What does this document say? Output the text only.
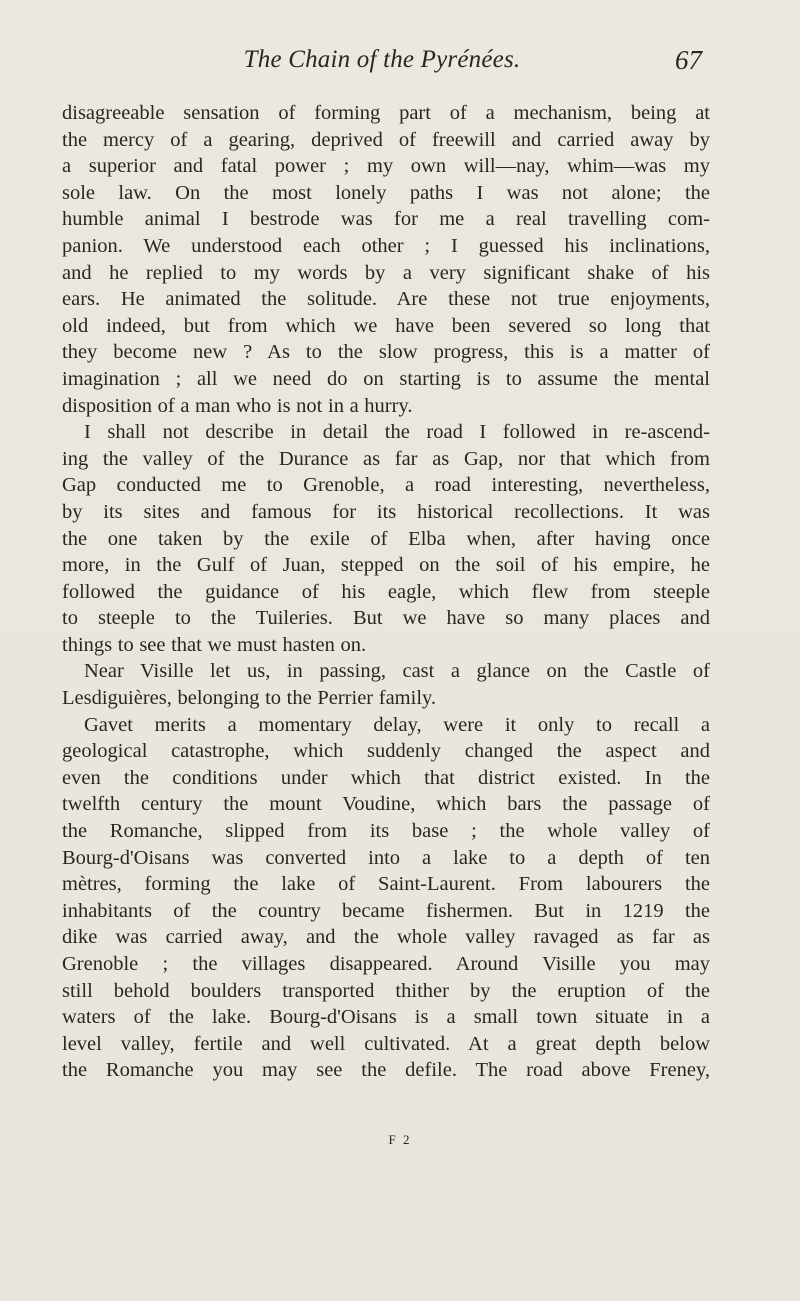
The Chain of the Pyrénées.	67
disagreeable sensation of forming part of a mechanism, being at
the mercy of a gearing, deprived of freewill and carried away by
a superior and fatal power ; my own will—nay, whim—was my
sole law. On the most lonely paths I was not alone; the
humble animal I bestrode was for me a real travelling com-
panion. We understood each other ; I guessed his inclinations,
and he replied to my words by a very significant shake of his
ears. He animated the solitude. Are these not true enjoyments,
old indeed, but from which we have been severed so long that
they become new ? As to the slow progress, this is a matter of
imagination ; all we need do on starting is to assume the mental
disposition of a man who is not in a hurry.
I shall not describe in detail the road I followed in re-ascend-
ing the valley of the Durance as far as Gap, nor that which from
Gap conducted me to Grenoble, a road interesting, nevertheless,
by its sites and famous for its historical recollections. It was
the one taken by the exile of Elba when, after having once
more, in the Gulf of Juan, stepped on the soil of his empire, he
followed the guidance of his eagle, which flew from steeple
to steeple to the Tuileries. But we have so many places and
things to see that we must hasten on.
Near Visille let us, in passing, cast a glance on the Castle of
Lesdiguières, belonging to the Perrier family.
Gavet merits a momentary delay, were it only to recall a
geological catastrophe, which suddenly changed the aspect and
even the conditions under which that district existed. In the
twelfth century the mount Voudine, which bars the passage of
the Romanche, slipped from its base ; the whole valley of
Bourg-d'Oisans was converted into a lake to a depth of ten
mètres, forming the lake of Saint-Laurent. From labourers the
inhabitants of the country became fishermen. But in 1219 the
dike was carried away, and the whole valley ravaged as far as
Grenoble ; the villages disappeared. Around Visille you may
still behold boulders transported thither by the eruption of the
waters of the lake. Bourg-d'Oisans is a small town situate in a
level valley, fertile and well cultivated. At a great depth below
the Romanche you may see the defile. The road above Freney,
F 2
